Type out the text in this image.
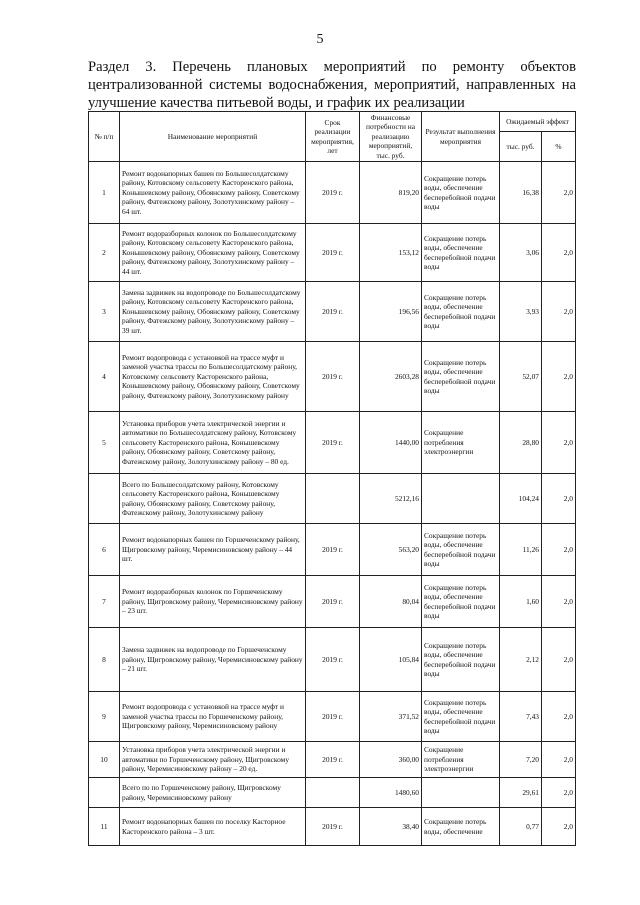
5
Раздел 3. Перечень плановых мероприятий по ремонту объектов централизованной системы водоснабжения, мероприятий, направленных на улучшение качества питьевой воды, и график их реализации
№ п/п	Наименование мероприятий	Срок реализации мероприятия, лет	Финансовые потребности на реализацию мероприятий, тыс. руб.	Результат выполнения мероприятия	Ожидаемый эффект	
					тыс. руб.	%
1	Ремонт водонапорных башен по Большесолдатскому району, Котовскому сельсовету Касторенского района, Конышевскому району, Обоянскому району, Советскому району, Фатежскому району, Золотухинскому району – 64 шт.	2019 г.	819,20	Сокращение потерь воды, обеспечение бесперебойной подачи воды	16,38	2,0
2	Ремонт водоразборных колонок по Большесолдатскому району, Котовскому сельсовету Касторенского района, Конышевскому району, Обоянскому району, Советскому району, Фатежскому району, Золотухинскому району – 44 шт.	2019 г.	153,12	Сокращение потерь воды, обеспечение бесперебойной подачи воды	3,06	2,0
3	Замена задвижек на водопроводе по Большесолдатскому району, Котовскому сельсовету Касторенского района, Конышевскому району, Обоянскому району, Советскому району, Фатежскому району, Золотухинскому району – 39 шт.	2019 г.	196,56	Сокращение потерь воды, обеспечение бесперебойной подачи воды	3,93	2,0
4	Ремонт водопровода с установкой на трассе муфт и заменой участка трассы по Большесолдатскому району, Котовскому сельсовету Касторенского района, Конышевскому району, Обоянскому району, Советскому району, Фатежскому району, Золотухинскому району	2019 г.	2603,28	Сокращение потерь воды, обеспечение бесперебойной подачи воды	52,07	2,0
5	Установка приборов учета электрической энергии и автоматики по Большесолдатскому району, Котовскому сельсовету Касторенского района, Конышевскому району, Обоянскому району, Советскому району, Фатежскому району, Золотухинскому району – 80 ед.	2019 г.	1440,00	Сокращение потребления электроэнергии	28,80	2,0
	Всего по Большесолдатскому району, Котовскому сельсовету Касторенского района, Конышевскому району, Обоянскому району, Советскому району, Фатежскому району, Золотухинскому району		5212,16		104,24	2,0
6	Ремонт водонапорных башен по Горшеченскому району, Щигровскому району, Черемисиновскому району – 44 шт.	2019 г.	563,20	Сокращение потерь воды, обеспечение бесперебойной подачи воды	11,26	2,0
7	Ремонт водоразборных колонок по Горшеченскому району, Щигровскому району, Черемисиновскому району – 23 шт.	2019 г.	80,04	Сокращение потерь воды, обеспечение бесперебойной подачи воды	1,60	2,0
8	Замена задвижек на водопроводе по Горшеченскому району, Щигровскому району, Черемисиновскому району – 21 шт.	2019 г.	105,84	Сокращение потерь воды, обеспечение бесперебойной подачи воды	2,12	2,0
9	Ремонт водопровода с установкой на трассе муфт и заменой участка трассы по Горшеченскому району, Щигровскому району, Черемисиновскому району	2019 г.	371,52	Сокращение потерь воды, обеспечение бесперебойной подачи воды	7,43	2,0
10	Установка приборов учета электрической энергии и автоматики по Горшеченскому району, Щигровскому району, Черемисиновскому району – 20 ед.	2019 г.	360,00	Сокращение потребления электроэнергии	7,20	2,0
	Всего по по Горшеченскому району, Щигровскому району, Черемисиновскому району		1480,60		29,61	2,0
11	Ремонт водонапорных башен по поселку Касторное Касторенского района – 3 шт.	2019 г.	38,40	Сокращение потерь воды, обеспечение	0,77	2,0
